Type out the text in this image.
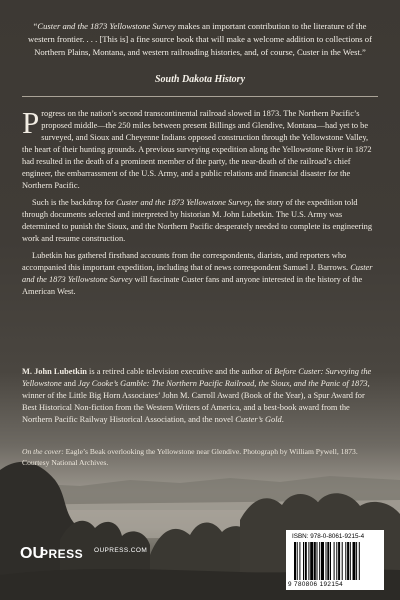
“Custer and the 1873 Yellowstone Survey makes an important contribution to the literature of the western frontier. . . . [This is] a fine source book that will make a welcome addition to collections of Northern Plains, Montana, and western railroading histories, and, of course, Custer in the West.”
South Dakota History

Progress on the nation’s second transcontinental railroad slowed in 1873. The Northern Pacific’s proposed middle—the 250 miles between present Billings and Glendive, Montana—had yet to be surveyed, and Sioux and Cheyenne Indians opposed construction through the Yellowstone Valley, the heart of their hunting grounds. A previous surveying expedition along the Yellowstone River in 1872 had resulted in the death of a prominent member of the party, the near-death of the railroad’s chief engineer, the embarrassment of the U.S. Army, and a public relations and financial disaster for the Northern Pacific.

Such is the backdrop for Custer and the 1873 Yellowstone Survey, the story of the expedition told through documents selected and interpreted by historian M. John Lubetkin. The U.S. Army was determined to punish the Sioux, and the Northern Pacific desperately needed to complete its engineering work and resume construction.

Lubetkin has gathered firsthand accounts from the correspondents, diarists, and reporters who accompanied this important expedition, including that of news correspondent Samuel J. Barrows. Custer and the 1873 Yellowstone Survey will fascinate Custer fans and anyone interested in the history of the American West.

M. John Lubetkin is a retired cable television executive and the author of Before Custer: Surveying the Yellowstone and Jay Cooke’s Gamble: The Northern Pacific Railroad, the Sioux, and the Panic of 1873, winner of the Little Big Horn Associates’ John M. Carroll Award (Book of the Year), a Spur Award for Best Historical Non-fiction from the Western Writers of America, and a best-book award from the Northern Pacific Railway Historical Association, and the novel Custer’s Gold.
On the cover: Eagle’s Beak overlooking the Yellowstone near Glendive. Photograph by William Pywell, 1873. Courtesy National Archives.
OU
PRESS OUPRESS.COM
ISBN: 978-0-8061-9215-4
9 780806 192154
